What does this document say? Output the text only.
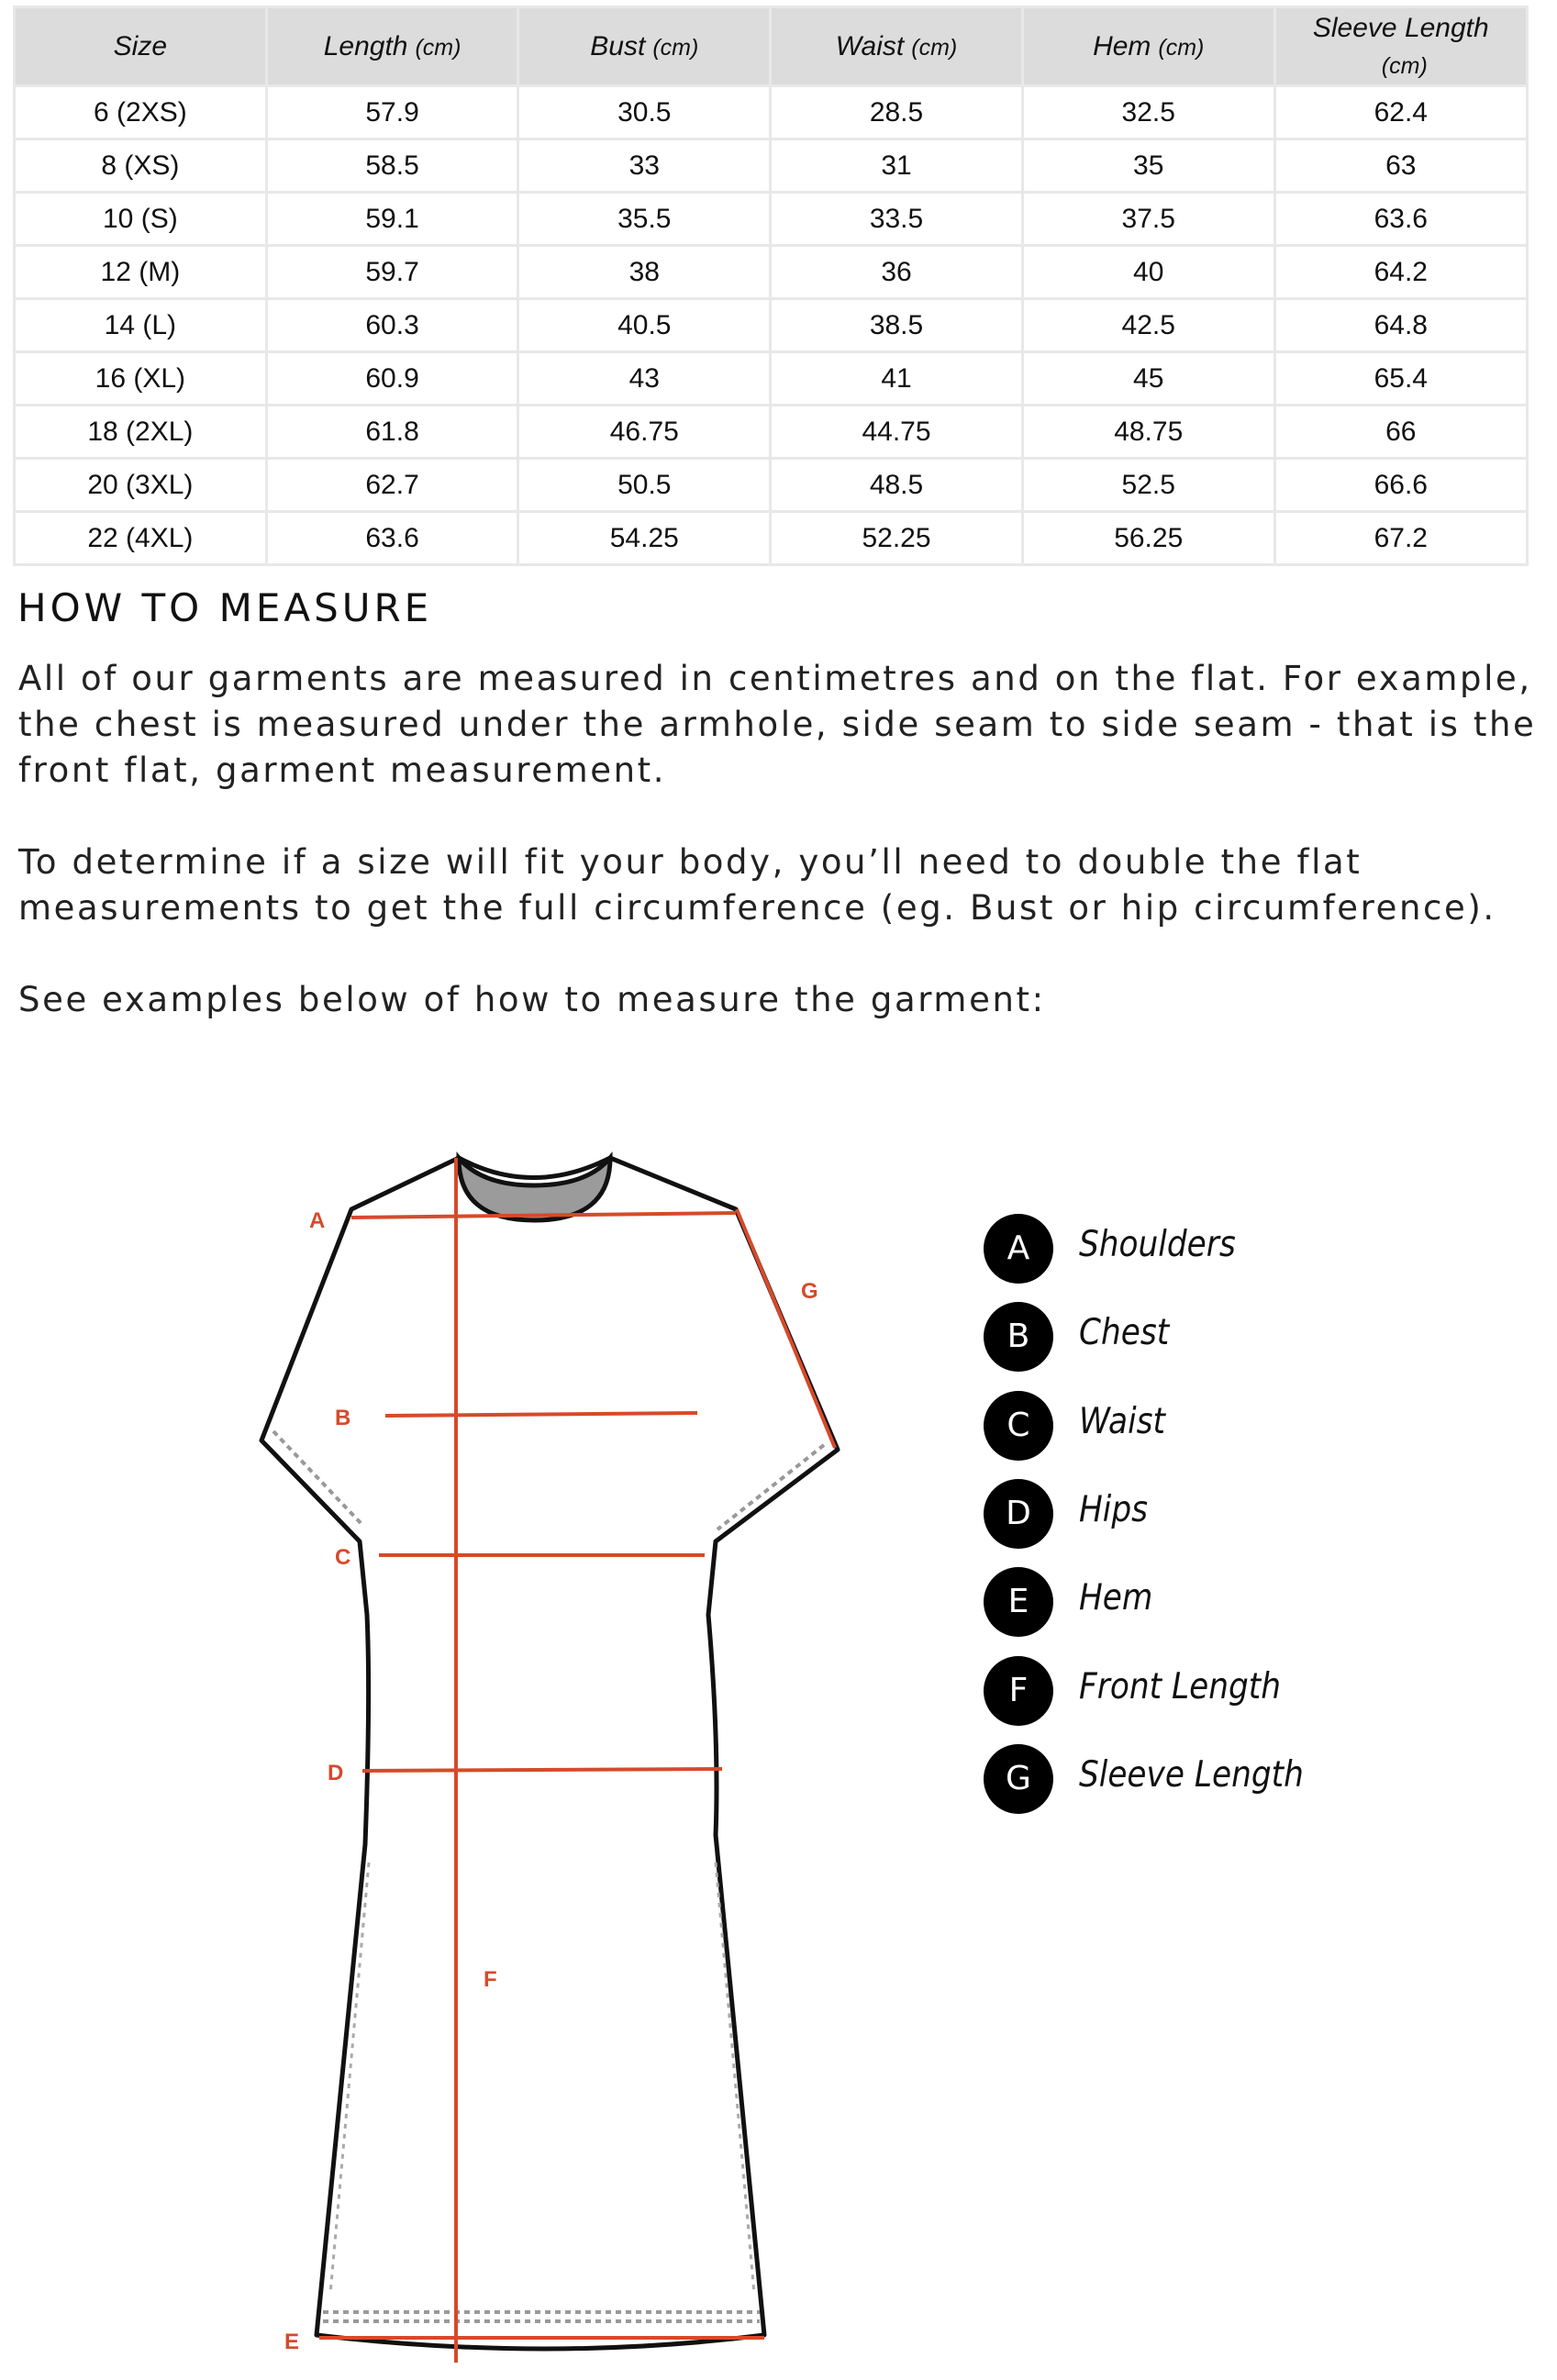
Size	Length (cm)	Bust (cm)	Waist (cm)	Hem (cm)	Sleeve Length
(cm)
6 (2XS)	57.9	30.5	28.5	32.5	62.4
8 (XS)	58.5	33	31	35	63
10 (S)	59.1	35.5	33.5	37.5	63.6
12 (M)	59.7	38	36	40	64.2
14 (L)	60.3	40.5	38.5	42.5	64.8
16 (XL)	60.9	43	41	45	65.4
18 (2XL)	61.8	46.75	44.75	48.75	66
20 (3XL)	62.7	50.5	48.5	52.5	66.6
22 (4XL)	63.6	54.25	52.25	56.25	67.2
HOW TO MEASURE

All of our garments are measured in centimetres and on the flat. For example, the chest is measured under the armhole, side seam to side seam - that is the front flat, garment measurement.

To determine if a size will fit your body, you’ll need to double the flat measurements to get the full circumference (eg. Bust or hip circumference).

See examples below of how to measure the garment:

A
B
C
D
E
F
G
A	Shoulders
B	Chest
C	Waist
D	Hips
E	Hem
F	Front Length
G	Sleeve Length
